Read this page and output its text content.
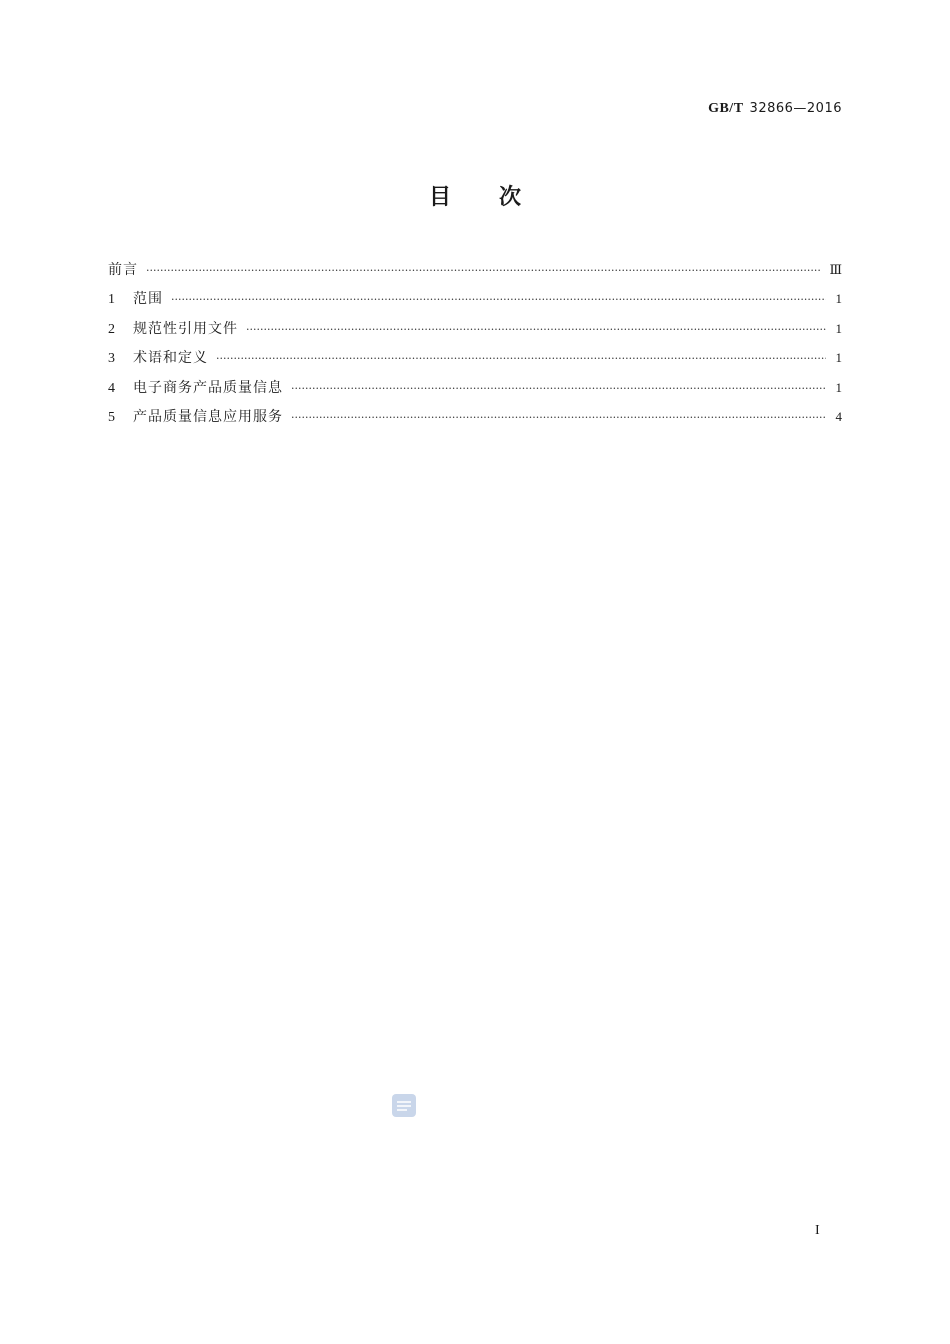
GB/T 32866—2016
目 次
前言 ·····	Ⅲ
1	范围 ·····	1
2	规范性引用文件 ·····	1
3	术语和定义 ·····	1
4	电子商务产品质量信息 ·····	1
5	产品质量信息应用服务 ·····	4
I
